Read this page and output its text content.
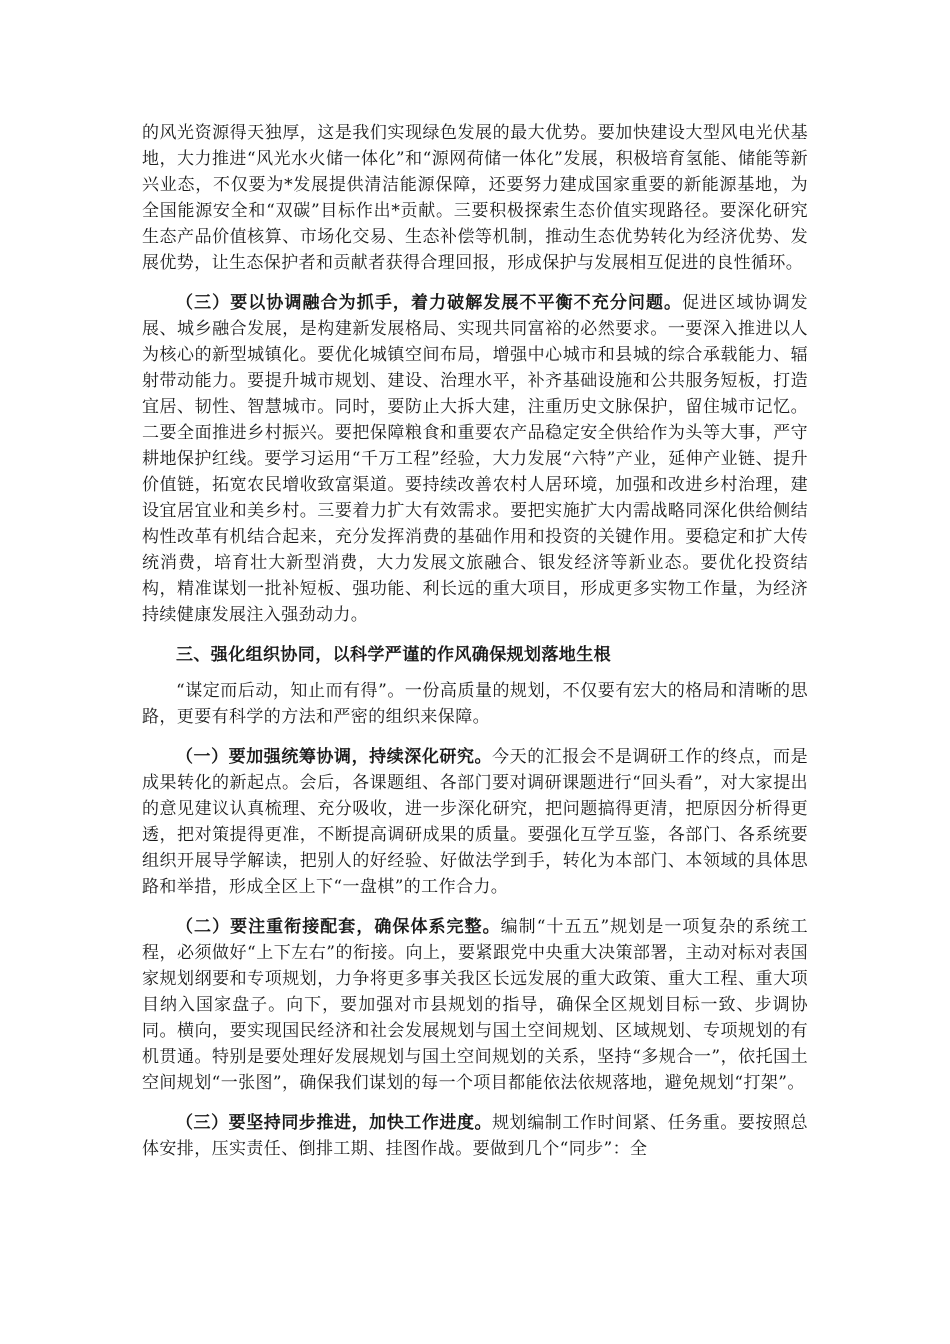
的风光资源得天独厚，这是我们实现绿色发展的最大优势。要加快建设大型风电光伏基地，大力推进“风光水火储一体化”和“源网荷储一体化”发展，积极培育氢能、储能等新兴业态，不仅要为*发展提供清洁能源保障，还要努力建成国家重要的新能源基地，为全国能源安全和“双碳”目标作出*贡献。三要积极探索生态价值实现路径。要深化研究生态产品价值核算、市场化交易、生态补偿等机制，推动生态优势转化为经济优势、发展优势，让生态保护者和贡献者获得合理回报，形成保护与发展相互促进的良性循环。

（三）要以协调融合为抓手，着力破解发展不平衡不充分问题。促进区域协调发展、城乡融合发展，是构建新发展格局、实现共同富裕的必然要求。一要深入推进以人为核心的新型城镇化。要优化城镇空间布局，增强中心城市和县城的综合承载能力、辐射带动能力。要提升城市规划、建设、治理水平，补齐基础设施和公共服务短板，打造宜居、韧性、智慧城市。同时，要防止大拆大建，注重历史文脉保护，留住城市记忆。二要全面推进乡村振兴。要把保障粮食和重要农产品稳定安全供给作为头等大事，严守耕地保护红线。要学习运用“千万工程”经验，大力发展“六特”产业，延伸产业链、提升价值链，拓宽农民增收致富渠道。要持续改善农村人居环境，加强和改进乡村治理，建设宜居宜业和美乡村。三要着力扩大有效需求。要把实施扩大内需战略同深化供给侧结构性改革有机结合起来，充分发挥消费的基础作用和投资的关键作用。要稳定和扩大传统消费，培育壮大新型消费，大力发展文旅融合、银发经济等新业态。要优化投资结构，精准谋划一批补短板、强功能、利长远的重大项目，形成更多实物工作量，为经济持续健康发展注入强劲动力。

三、强化组织协同，以科学严谨的作风确保规划落地生根

“谋定而后动，知止而有得”。一份高质量的规划，不仅要有宏大的格局和清晰的思路，更要有科学的方法和严密的组织来保障。

（一）要加强统筹协调，持续深化研究。今天的汇报会不是调研工作的终点，而是成果转化的新起点。会后，各课题组、各部门要对调研课题进行“回头看”，对大家提出的意见建议认真梳理、充分吸收，进一步深化研究，把问题搞得更清，把原因分析得更透，把对策提得更准，不断提高调研成果的质量。要强化互学互鉴，各部门、各系统要组织开展导学解读，把别人的好经验、好做法学到手，转化为本部门、本领域的具体思路和举措，形成全区上下“一盘棋”的工作合力。

（二）要注重衔接配套，确保体系完整。编制“十五五”规划是一项复杂的系统工程，必须做好“上下左右”的衔接。向上，要紧跟党中央重大决策部署，主动对标对表国家规划纲要和专项规划，力争将更多事关我区长远发展的重大政策、重大工程、重大项目纳入国家盘子。向下，要加强对市县规划的指导，确保全区规划目标一致、步调协同。横向，要实现国民经济和社会发展规划与国土空间规划、区域规划、专项规划的有机贯通。特别是要处理好发展规划与国土空间规划的关系，坚持“多规合一”，依托国土空间规划“一张图”，确保我们谋划的每一个项目都能依法依规落地，避免规划“打架”。

（三）要坚持同步推进，加快工作进度。规划编制工作时间紧、任务重。要按照总体安排，压实责任、倒排工期、挂图作战。要做到几个“同步”：全
